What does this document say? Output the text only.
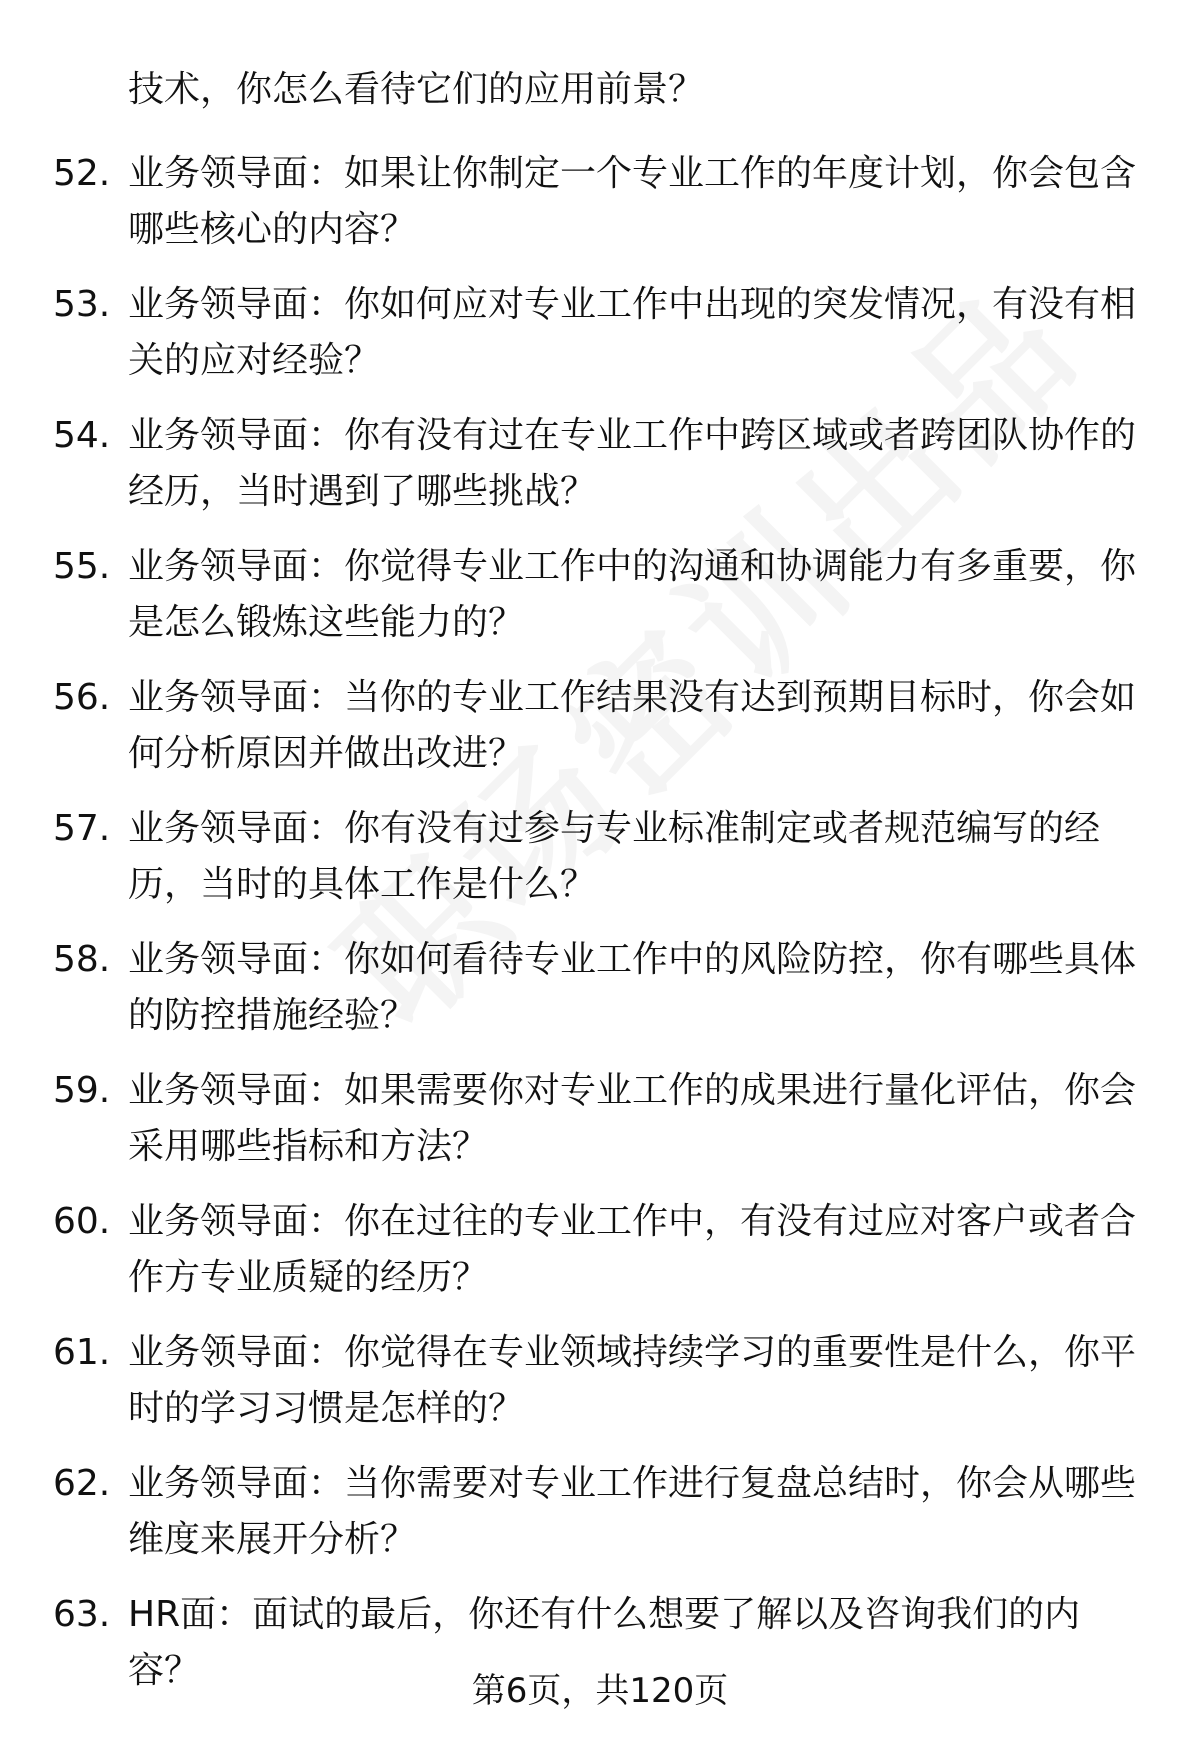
技术，你怎么看待它们的应用前景？
52. 业务领导面：如果让你制定一个专业工作的年度计划，你会包含哪些核心的内容？
53. 业务领导面：你如何应对专业工作中出现的突发情况，有没有相关的应对经验？
54. 业务领导面：你有没有过在专业工作中跨区域或者跨团队协作的经历，当时遇到了哪些挑战？
55. 业务领导面：你觉得专业工作中的沟通和协调能力有多重要，你是怎么锻炼这些能力的？
56. 业务领导面：当你的专业工作结果没有达到预期目标时，你会如何分析原因并做出改进？
57. 业务领导面：你有没有过参与专业标准制定或者规范编写的经历，当时的具体工作是什么？
58. 业务领导面：你如何看待专业工作中的风险防控，你有哪些具体的防控措施经验？
59. 业务领导面：如果需要你对专业工作的成果进行量化评估，你会采用哪些指标和方法？
60. 业务领导面：你在过往的专业工作中，有没有过应对客户或者合作方专业质疑的经历？
61. 业务领导面：你觉得在专业领域持续学习的重要性是什么，你平时的学习习惯是怎样的？
62. 业务领导面：当你需要对专业工作进行复盘总结时，你会从哪些维度来展开分析？
63. HR面：面试的最后，你还有什么想要了解以及咨询我们的内容？	第6页，共120页
